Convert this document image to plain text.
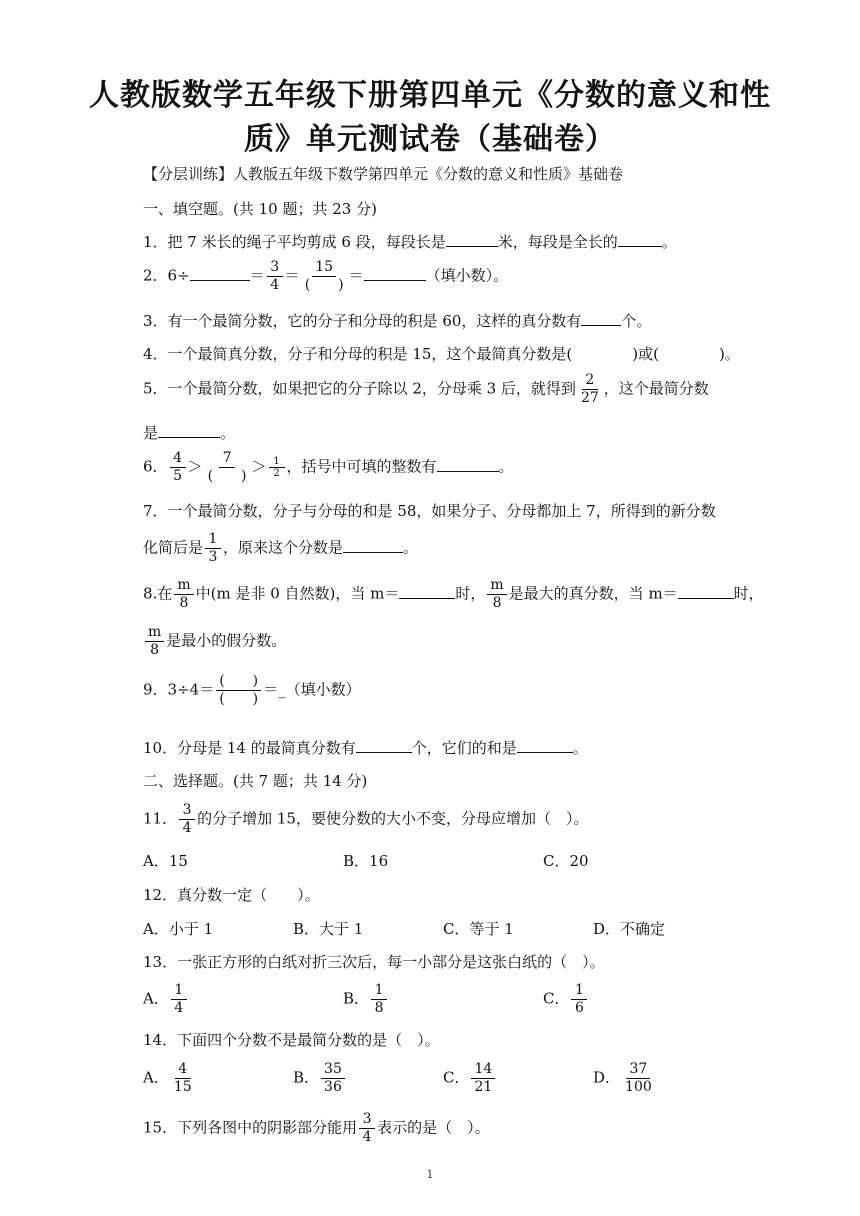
人教版数学五年级下册第四单元《分数的意义和性
质》单元测试卷（基础卷）
【分层训练】人教版五年级下数学第四单元《分数的意义和性质》基础卷
一、填空题。(共 10 题；共 23 分)
1．把 7 米长的绳子平均剪成 6 段，每段长是	米，每段是全长的	。
2．6÷	＝ $\frac{3}{4} = \frac{15}{( )}$ ＝	（填小数）。
3．有一个最简分数，它的分子和分母的积是 60，这样的真分数有	个。
4．一个最简真分数，分子和分母的积是 15，这个最简真分数是(　　　　)或(　　　　)。
5．一个最简分数，如果把它的分子除以 2，分母乘 3 后，就得到 $\frac{2}{27}$ ，这个最简分数
是	。
6． $\frac{4}{5} > \frac{7}{( )} > \frac{1}{2}$ ，括号中可填的整数有	。
7．一个最简分数，分子与分母的和是 58，如果分子、分母都加上 7，所得到的新分数
化简后是 $\frac{1}{3}$ ，原来这个分数是	。
8.在 $\frac{m}{8}$ 中(m 是非 0 自然数)，当 m＝	时， $\frac{m}{8}$ 是最大的真分数，当 m＝	时，
$\frac{m}{8}$ 是最小的假分数。
9．$3\div 4= \frac{( )}{( )}$ ＝_（填小数）
10．分母是 14 的最简真分数有	个，它们的和是	。
二、选择题。(共 7 题；共 14 分)
11． $\frac{3}{4}$ 的分子增加 15，要使分数的大小不变，分母应增加（　）。
A．15	B．16	C．20
12．真分数一定（　　）。
A．小于 1	B．大于 1	C．等于 1	D．不确定
13．一张正方形的白纸对折三次后，每一小部分是这张白纸的（　）。
A． $\frac{1}{4}$	B． $\frac{1}{8}$	C． $\frac{1}{6}$
14．下面四个分数不是最简分数的是（　）。
A． $\frac{4}{15}$	B． $\frac{35}{36}$	C． $\frac{14}{21}$	D． $\frac{37}{100}$
15．下列各图中的阴影部分能用 $\frac{3}{4}$ 表示的是（　）。
1
